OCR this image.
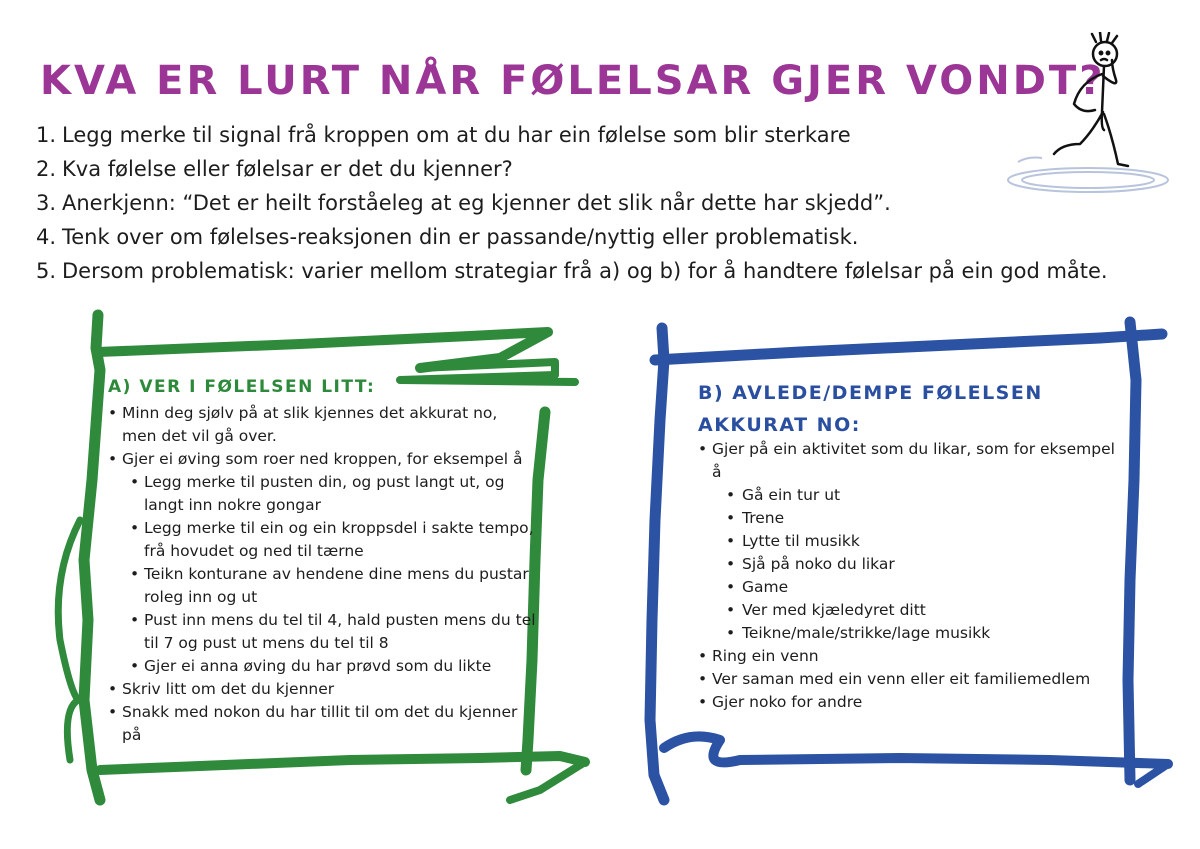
KVA ER LURT NÅR FØLELSAR GJER VONDT?
1. Legg merke til signal frå kroppen om at du har ein følelse som blir sterkare
2. Kva følelse eller følelsar er det du kjenner?
3. Anerkjenn: “Det er heilt forståeleg at eg kjenner det slik når dette har skjedd”.
4. Tenk over om følelses-reaksjonen din er passande/nyttig eller problematisk.
5. Dersom problematisk: varier mellom strategiar frå a) og b) for å handtere følelsar på ein god måte.
A) VER I FØLELSEN LITT:
• Minn deg sjølv på at slik kjennes det akkurat no, men det vil gå over.
• Gjer ei øving som roer ned kroppen, for eksempel å
• Legg merke til pusten din, og pust langt ut, og langt inn nokre gongar
• Legg merke til ein og ein kroppsdel i sakte tempo, frå hovudet og ned til tærne
• Teikn konturane av hendene dine mens du pustar roleg inn og ut
• Pust inn mens du tel til 4, hald pusten mens du tel til 7 og pust ut mens du tel til 8
• Gjer ei anna øving du har prøvd som du likte
• Skriv litt om det du kjenner
• Snakk med nokon du har tillit til om det du kjenner på
B) AVLEDE/DEMPE FØLELSEN AKKURAT NO:
• Gjer på ein aktivitet som du likar, som for eksempel å
• Gå ein tur ut
• Trene
• Lytte til musikk
• Sjå på noko du likar
• Game
• Ver med kjæledyret ditt
• Teikne/male/strikke/lage musikk
• Ring ein venn
• Ver saman med ein venn eller eit familiemedlem
• Gjer noko for andre
